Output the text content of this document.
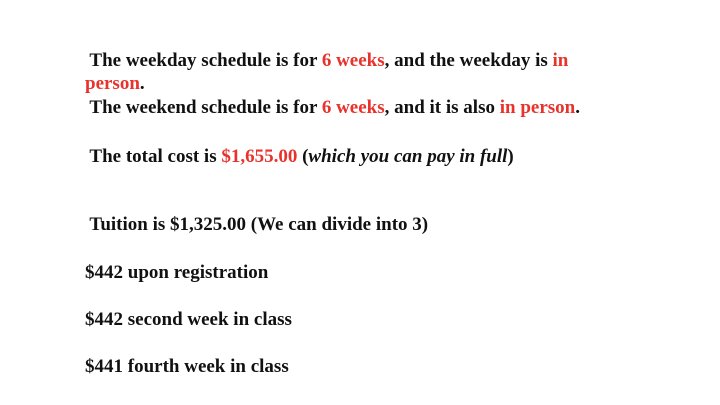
The weekday schedule is for 6 weeks, and the weekday is in
person.
The weekend schedule is for 6 weeks, and it is also in person.
The total cost is $1,655.00 (which you can pay in full)
Tuition is $1,325.00 (We can divide into 3)
$442 upon registration
$442 second week in class
$441 fourth week in class
